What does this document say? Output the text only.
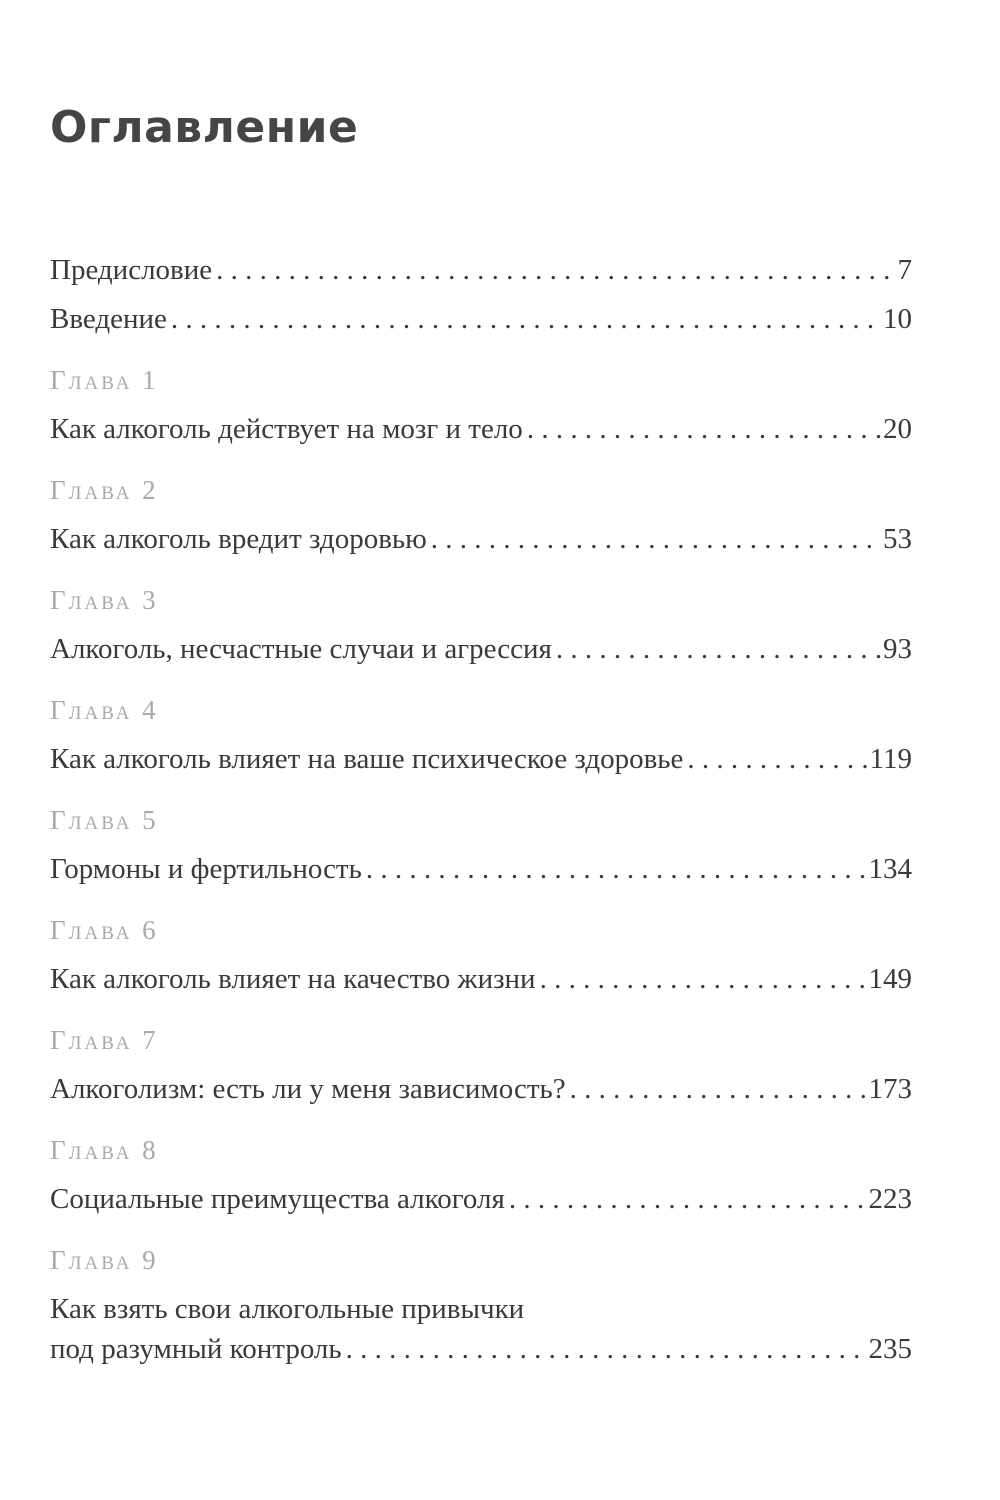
Оглавление
Предисловие . . .	7
Введение . . .	10
Глава 1
Как алкоголь действует на мозг и тело . . .	20
Глава 2
Как алкоголь вредит здоровью . . .	53
Глава 3
Алкоголь, несчастные случаи и агрессия . . .	93
Глава 4
Как алкоголь влияет на ваше психическое здоровье . . .	119
Глава 5
Гормоны и фертильность . . .	134
Глава 6
Как алкоголь влияет на качество жизни . . .	149
Глава 7
Алкоголизм: есть ли у меня зависимость? . . .	173
Глава 8
Социальные преимущества алкоголя . . .	223
Глава 9
Как взять свои алкогольные привычки
под разумный контроль . . .	235
